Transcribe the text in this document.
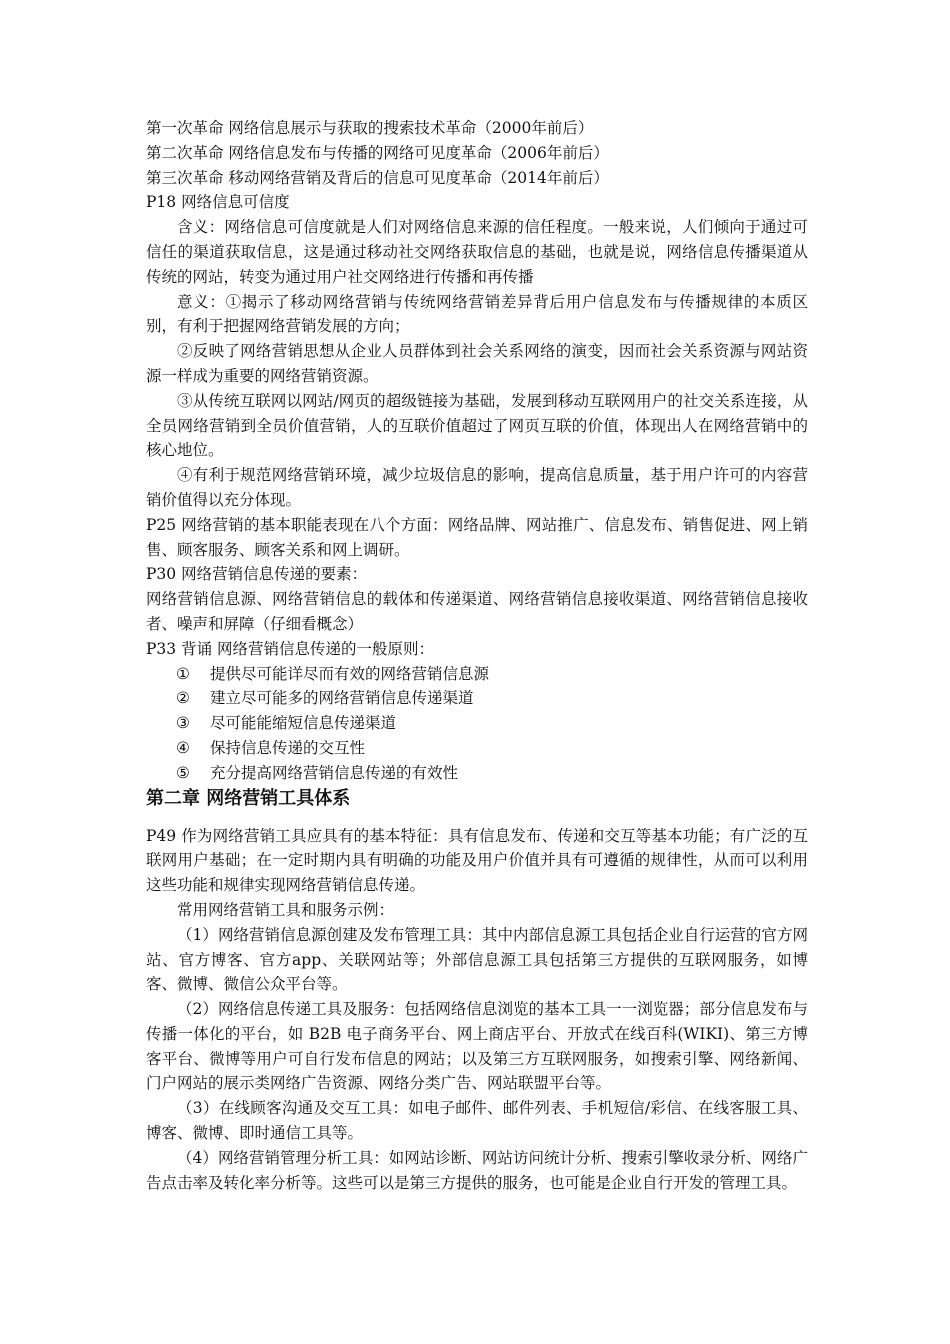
第一次革命 网络信息展示与获取的搜索技术革命（2000年前后）

第二次革命 网络信息发布与传播的网络可见度革命（2006年前后）

第三次革命 移动网络营销及背后的信息可见度革命（2014年前后）

P18 网络信息可信度

含义：网络信息可信度就是人们对网络信息来源的信任程度。一般来说，人们倾向于通过可信任的渠道获取信息，这是通过移动社交网络获取信息的基础，也就是说，网络信息传播渠道从传统的网站，转变为通过用户社交网络进行传播和再传播

意义：①揭示了移动网络营销与传统网络营销差异背后用户信息发布与传播规律的本质区别，有利于把握网络营销发展的方向；

②反映了网络营销思想从企业人员群体到社会关系网络的演变，因而社会关系资源与网站资源一样成为重要的网络营销资源。

③从传统互联网以网站/网页的超级链接为基础，发展到移动互联网用户的社交关系连接，从全员网络营销到全员价值营销，人的互联价值超过了网页互联的价值，体现出人在网络营销中的核心地位。

④有利于规范网络营销环境，减少垃圾信息的影响，提高信息质量，基于用户许可的内容营销价值得以充分体现。

P25 网络营销的基本职能表现在八个方面：网络品牌、网站推广、信息发布、销售促进、网上销售、顾客服务、顾客关系和网上调研。

P30 网络营销信息传递的要素：

网络营销信息源、网络营销信息的载体和传递渠道、网络营销信息接收渠道、网络营销信息接收者、噪声和屏障（仔细看概念）

P33 背诵 网络营销信息传递的一般原则：

①	提供尽可能详尽而有效的网络营销信息源
②	建立尽可能多的网络营销信息传递渠道
③	尽可能能缩短信息传递渠道
④	保持信息传递的交互性
⑤	充分提高网络营销信息传递的有效性
第二章 网络营销工具体系

P49 作为网络营销工具应具有的基本特征：具有信息发布、传递和交互等基本功能；有广泛的互联网用户基础；在一定时期内具有明确的功能及用户价值并具有可遵循的规律性，从而可以利用这些功能和规律实现网络营销信息传递。

常用网络营销工具和服务示例：

（1）网络营销信息源创建及发布管理工具：其中内部信息源工具包括企业自行运营的官方网站、官方博客、官方app、关联网站等；外部信息源工具包括第三方提供的互联网服务，如博客、微博、微信公众平台等。

（2）网络信息传递工具及服务：包括网络信息浏览的基本工具一一浏览器；部分信息发布与传播一体化的平台，如 B2B 电子商务平台、网上商店平台、开放式在线百科(WIKI)、第三方博客平台、微博等用户可自行发布信息的网站；以及第三方互联网服务，如搜索引擎、网络新闻、门户网站的展示类网络广告资源、网络分类广告、网站联盟平台等。

（3）在线顾客沟通及交互工具：如电子邮件、邮件列表、手机短信/彩信、在线客服工具、博客、微博、即时通信工具等。

（4）网络营销管理分析工具：如网站诊断、网站访问统计分析、搜索引擎收录分析、网络广告点击率及转化率分析等。这些可以是第三方提供的服务，也可能是企业自行开发的管理工具。
